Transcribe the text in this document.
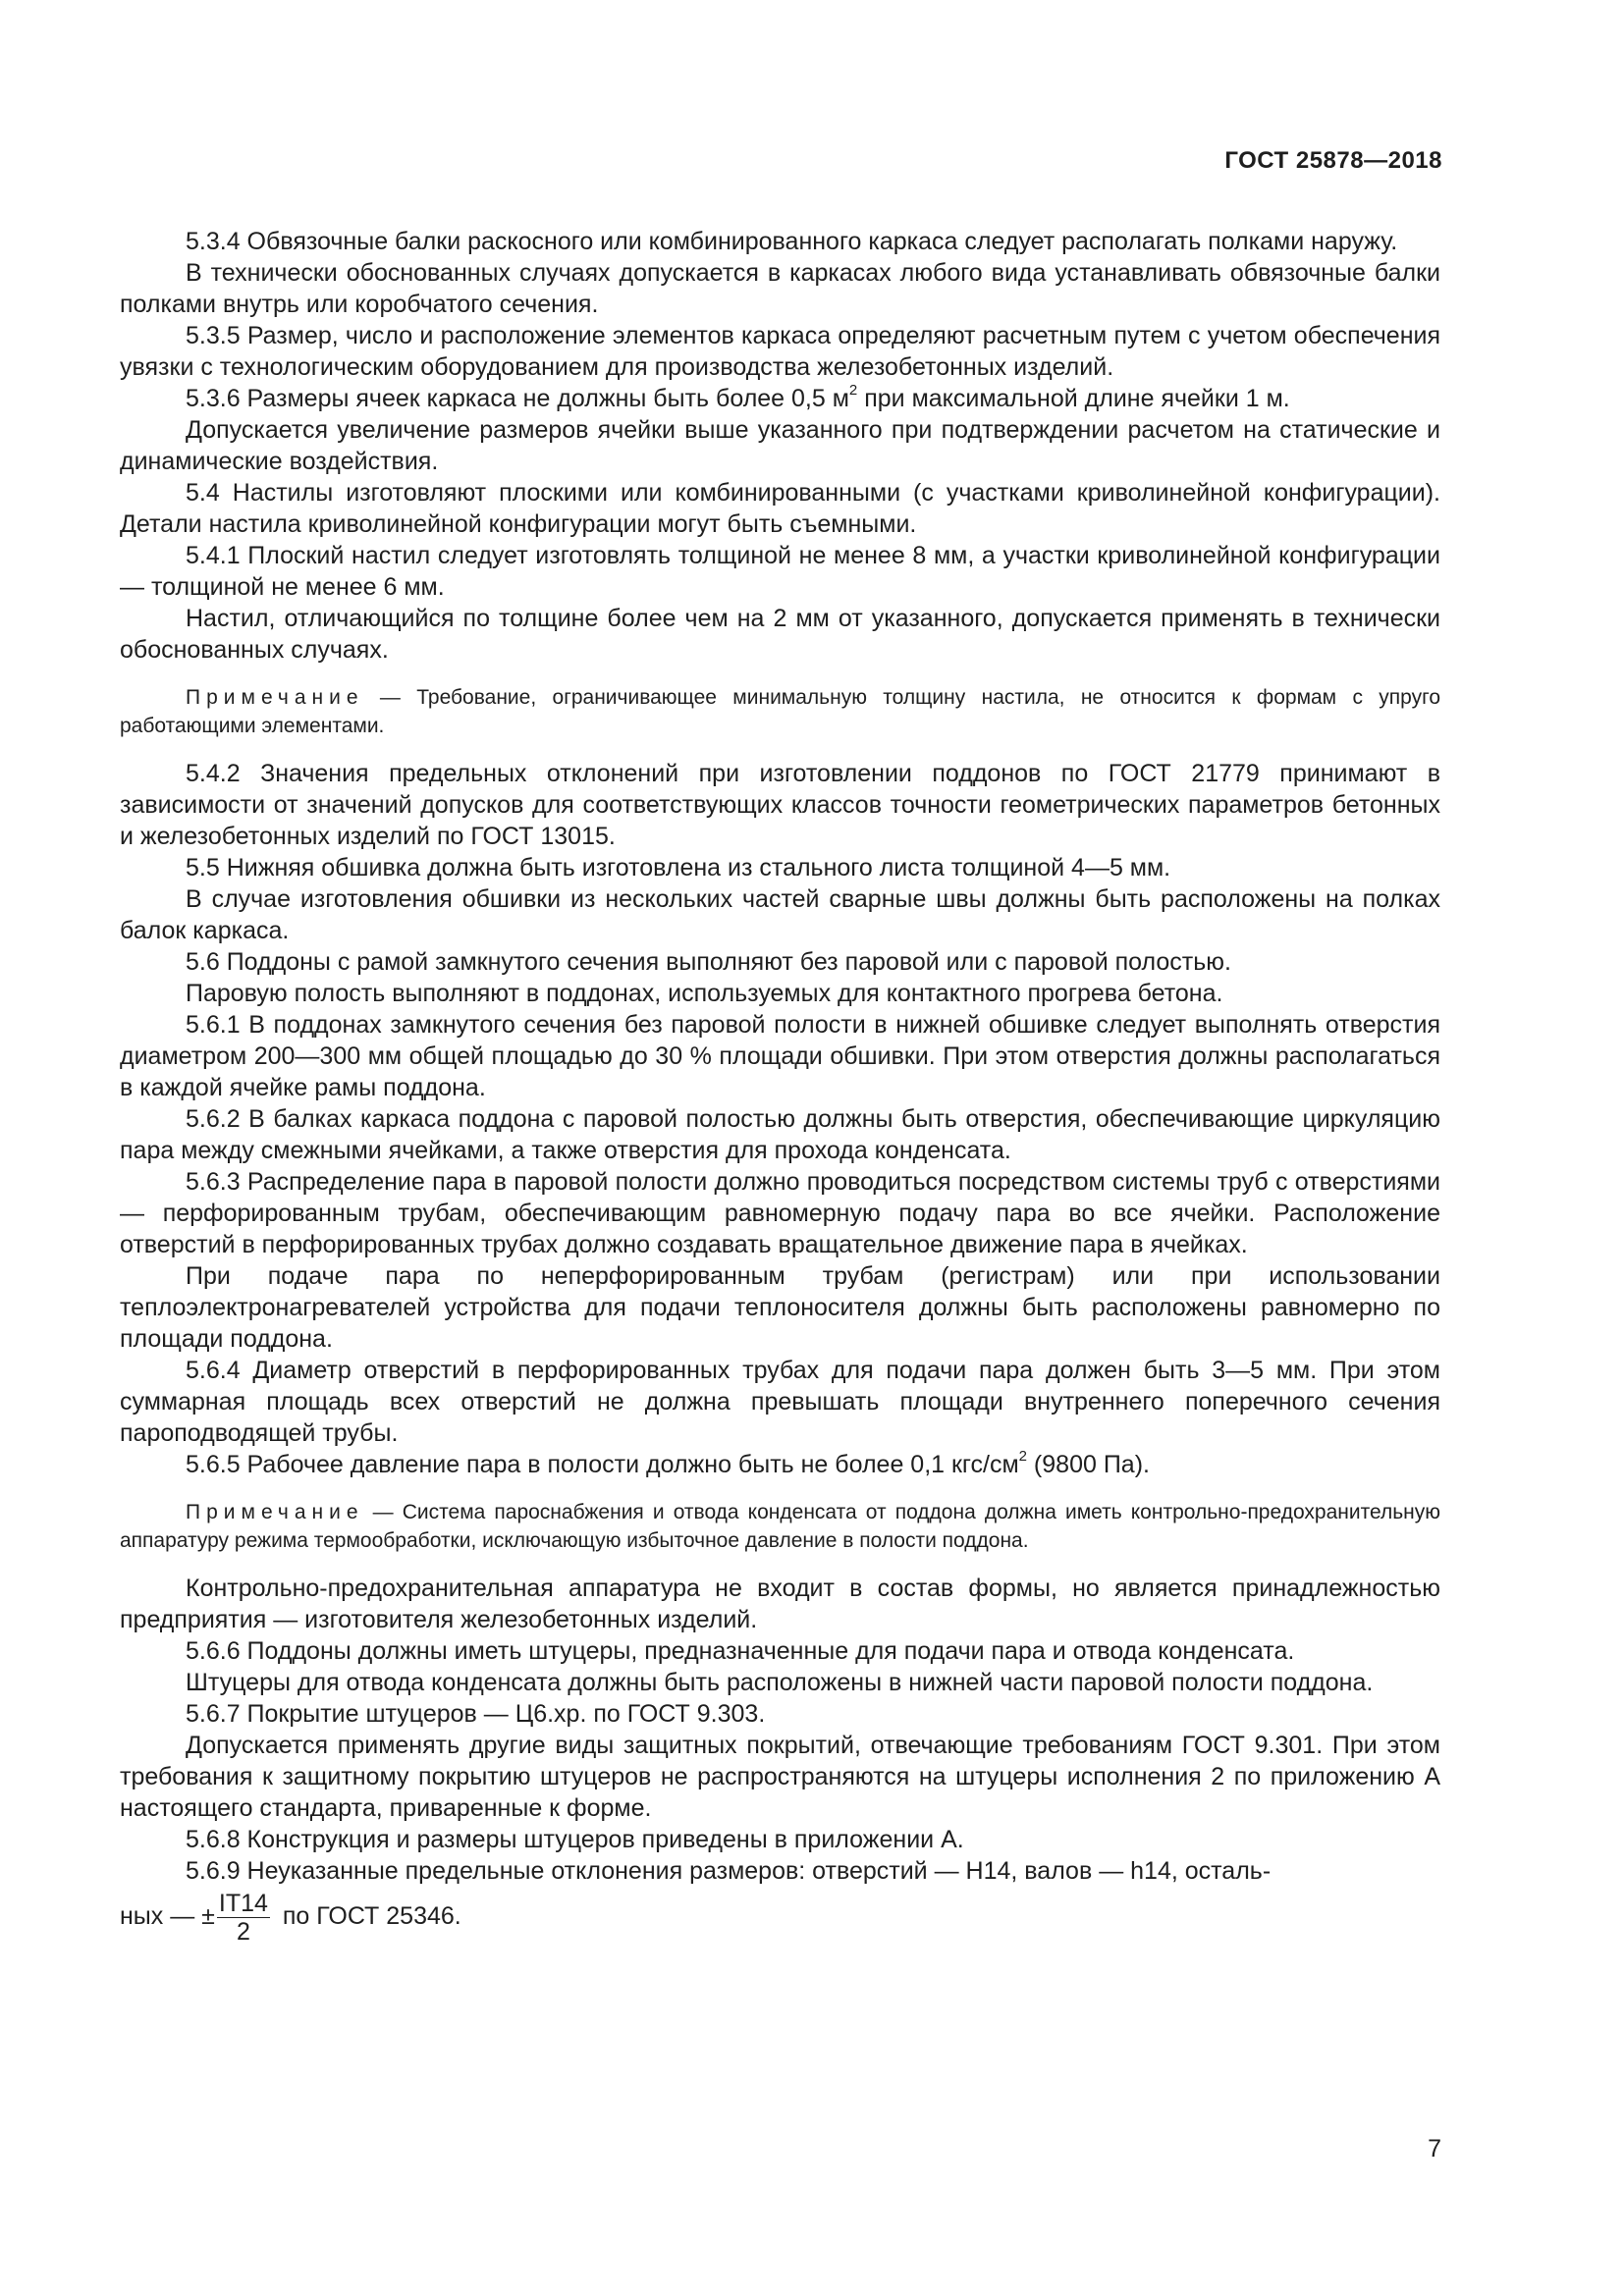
ГОСТ 25878—2018

5.3.4 Обвязочные балки раскосного или комбинированного каркаса следует располагать полками наружу.

В технически обоснованных случаях допускается в каркасах любого вида устанавливать обвязочные балки полками внутрь или коробчатого сечения.

5.3.5 Размер, число и расположение элементов каркаса определяют расчетным путем с учетом обеспечения увязки с технологическим оборудованием для производства железобетонных изделий.

5.3.6 Размеры ячеек каркаса не должны быть более 0,5 $м^2$ при максимальной длине ячейки 1 м.

Допускается увеличение размеров ячейки выше указанного при подтверждении расчетом на статические и динамические воздействия.

5.4 Настилы изготовляют плоскими или комбинированными (с участками криволинейной конфигурации). Детали настила криволинейной конфигурации могут быть съемными.

5.4.1 Плоский настил следует изготовлять толщиной не менее 8 мм, а участки криволинейной конфигурации — толщиной не менее 6 мм.

Настил, отличающийся по толщине более чем на 2 мм от указанного, допускается применять в технически обоснованных случаях.

Примечание — Требование, ограничивающее минимальную толщину настила, не относится к формам с упруго работающими элементами.

5.4.2 Значения предельных отклонений при изготовлении поддонов по ГОСТ 21779 принимают в зависимости от значений допусков для соответствующих классов точности геометрических параметров бетонных и железобетонных изделий по ГОСТ 13015.

5.5 Нижняя обшивка должна быть изготовлена из стального листа толщиной 4—5 мм.

В случае изготовления обшивки из нескольких частей сварные швы должны быть расположены на полках балок каркаса.

5.6 Поддоны с рамой замкнутого сечения выполняют без паровой или с паровой полостью.

Паровую полость выполняют в поддонах, используемых для контактного прогрева бетона.

5.6.1 В поддонах замкнутого сечения без паровой полости в нижней обшивке следует выполнять отверстия диаметром 200—300 мм общей площадью до 30 % площади обшивки. При этом отверстия должны располагаться в каждой ячейке рамы поддона.

5.6.2 В балках каркаса поддона с паровой полостью должны быть отверстия, обеспечивающие циркуляцию пара между смежными ячейками, а также отверстия для прохода конденсата.

5.6.3 Распределение пара в паровой полости должно проводиться посредством системы труб с отверстиями — перфорированным трубам, обеспечивающим равномерную подачу пара во все ячейки. Расположение отверстий в перфорированных трубах должно создавать вращательное движение пара в ячейках.

При подаче пара по неперфорированным трубам (регистрам) или при использовании теплоэлектронагревателей устройства для подачи теплоносителя должны быть расположены равномерно по площади поддона.

5.6.4 Диаметр отверстий в перфорированных трубах для подачи пара должен быть 3—5 мм. При этом суммарная площадь всех отверстий не должна превышать площади внутреннего поперечного сечения пароподводящей трубы.

5.6.5 Рабочее давление пара в полости должно быть не более 0,1 кгс/$см^2$ (9800 Па).

Примечание — Система пароснабжения и отвода конденсата от поддона должна иметь контрольно-предохранительную аппаратуру режима термообработки, исключающую избыточное давление в полости поддона.

Контрольно-предохранительная аппаратура не входит в состав формы, но является принадлежностью предприятия — изготовителя железобетонных изделий.

5.6.6 Поддоны должны иметь штуцеры, предназначенные для подачи пара и отвода конденсата.

Штуцеры для отвода конденсата должны быть расположены в нижней части паровой полости поддона.

5.6.7 Покрытие штуцеров — Ц6.хр. по ГОСТ 9.303.

Допускается применять другие виды защитных покрытий, отвечающие требованиям ГОСТ 9.301. При этом требования к защитному покрытию штуцеров не распространяются на штуцеры исполнения 2 по приложению А настоящего стандарта, приваренные к форме.

5.6.8 Конструкция и размеры штуцеров приведены в приложении А.

5.6.9 Неуказанные предельные отклонения размеров: отверстий — H14, валов — h14, осталь-

ных — ± $\frac{IT14}{2}$ по ГОСТ 25346.

7
